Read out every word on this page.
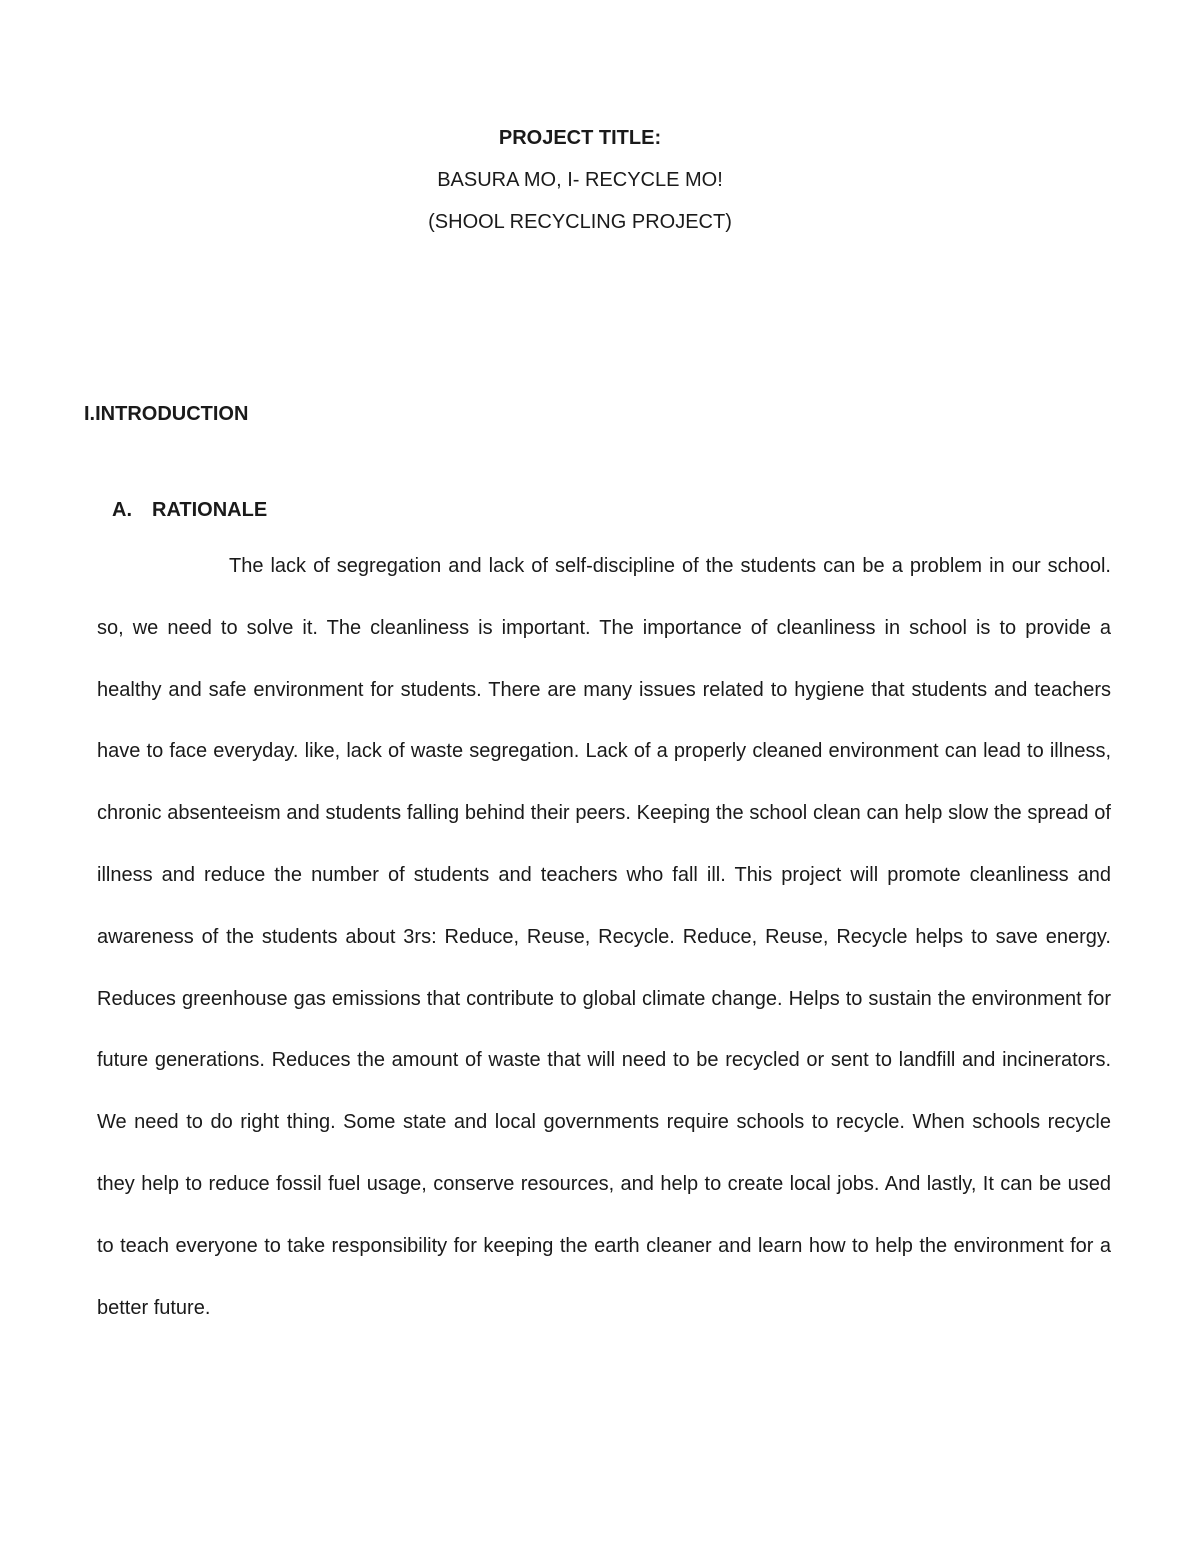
PROJECT TITLE:
BASURA MO, I- RECYCLE MO!
(SHOOL RECYCLING PROJECT)
I.INTRODUCTION
A. RATIONALE

The lack of segregation and lack of self-discipline of the students can be a problem in our school. so, we need to solve it. The cleanliness is important. The importance of cleanliness in school is to provide a healthy and safe environment for students. There are many issues related to hygiene that students and teachers have to face everyday. like, lack of waste segregation. Lack of a properly cleaned environment can lead to illness, chronic absenteeism and students falling behind their peers. Keeping the school clean can help slow the spread of illness and reduce the number of students and teachers who fall ill. This project will promote cleanliness and awareness of the students about 3rs: Reduce, Reuse, Recycle. Reduce, Reuse, Recycle helps to save energy. Reduces greenhouse gas emissions that contribute to global climate change. Helps to sustain the environment for future generations. Reduces the amount of waste that will need to be recycled or sent to landfill and incinerators. We need to do right thing. Some state and local governments require schools to recycle. When schools recycle they help to reduce fossil fuel usage, conserve resources, and help to create local jobs. And lastly, It can be used to teach everyone to take responsibility for keeping the earth cleaner and learn how to help the environment for a better future.
